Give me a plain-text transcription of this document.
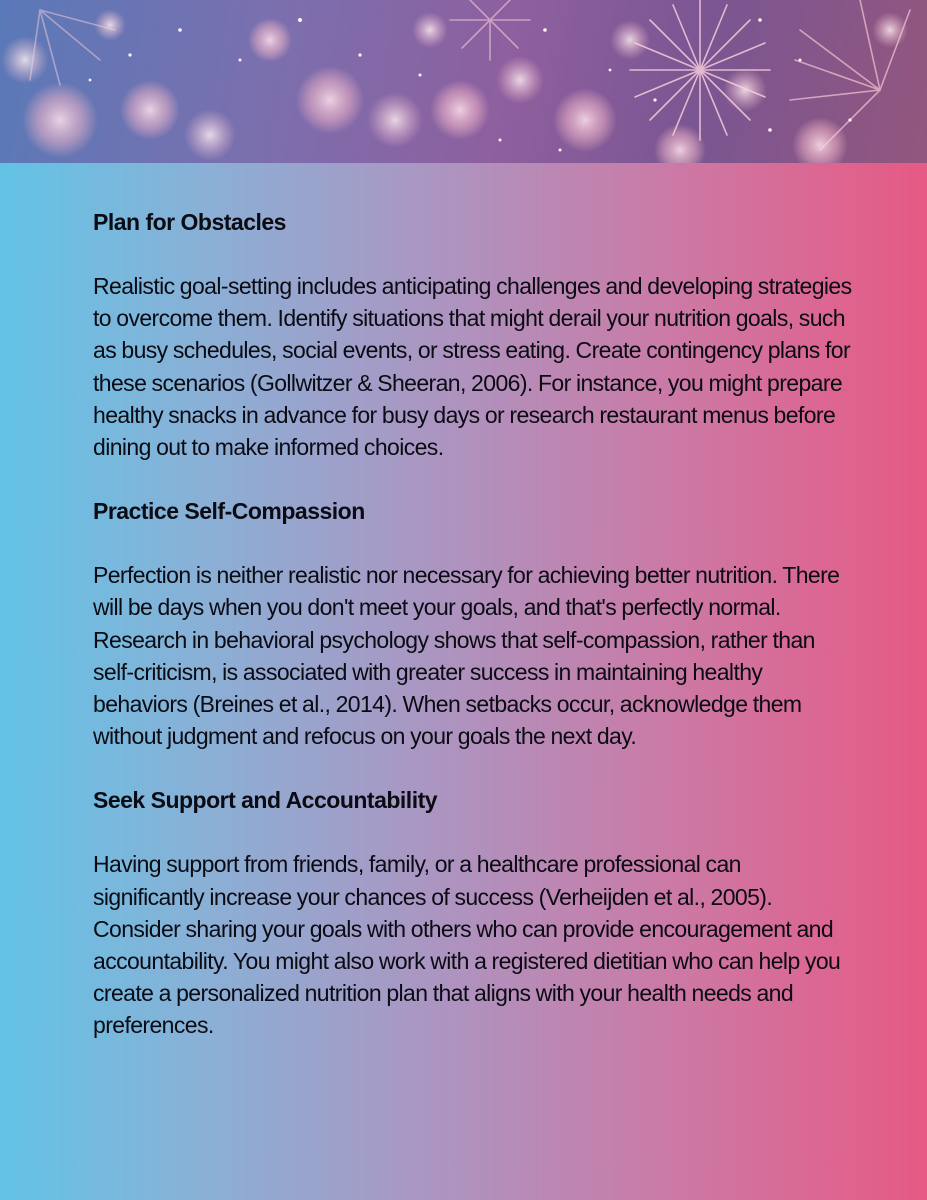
Plan for Obstacles

Realistic goal-setting includes anticipating challenges and developing strategies to overcome them. Identify situations that might derail your nutrition goals, such as busy schedules, social events, or stress eating. Create contingency plans for these scenarios (Gollwitzer & Sheeran, 2006). For instance, you might prepare healthy snacks in advance for busy days or research restaurant menus before dining out to make informed choices.

Practice Self-Compassion

Perfection is neither realistic nor necessary for achieving better nutrition. There will be days when you don't meet your goals, and that's perfectly normal. Research in behavioral psychology shows that self-compassion, rather than self-criticism, is associated with greater success in maintaining healthy behaviors (Breines et al., 2014). When setbacks occur, acknowledge them without judgment and refocus on your goals the next day.

Seek Support and Accountability

Having support from friends, family, or a healthcare professional can significantly increase your chances of success (Verheijden et al., 2005). Consider sharing your goals with others who can provide encouragement and accountability. You might also work with a registered dietitian who can help you create a personalized nutrition plan that aligns with your health needs and preferences.
